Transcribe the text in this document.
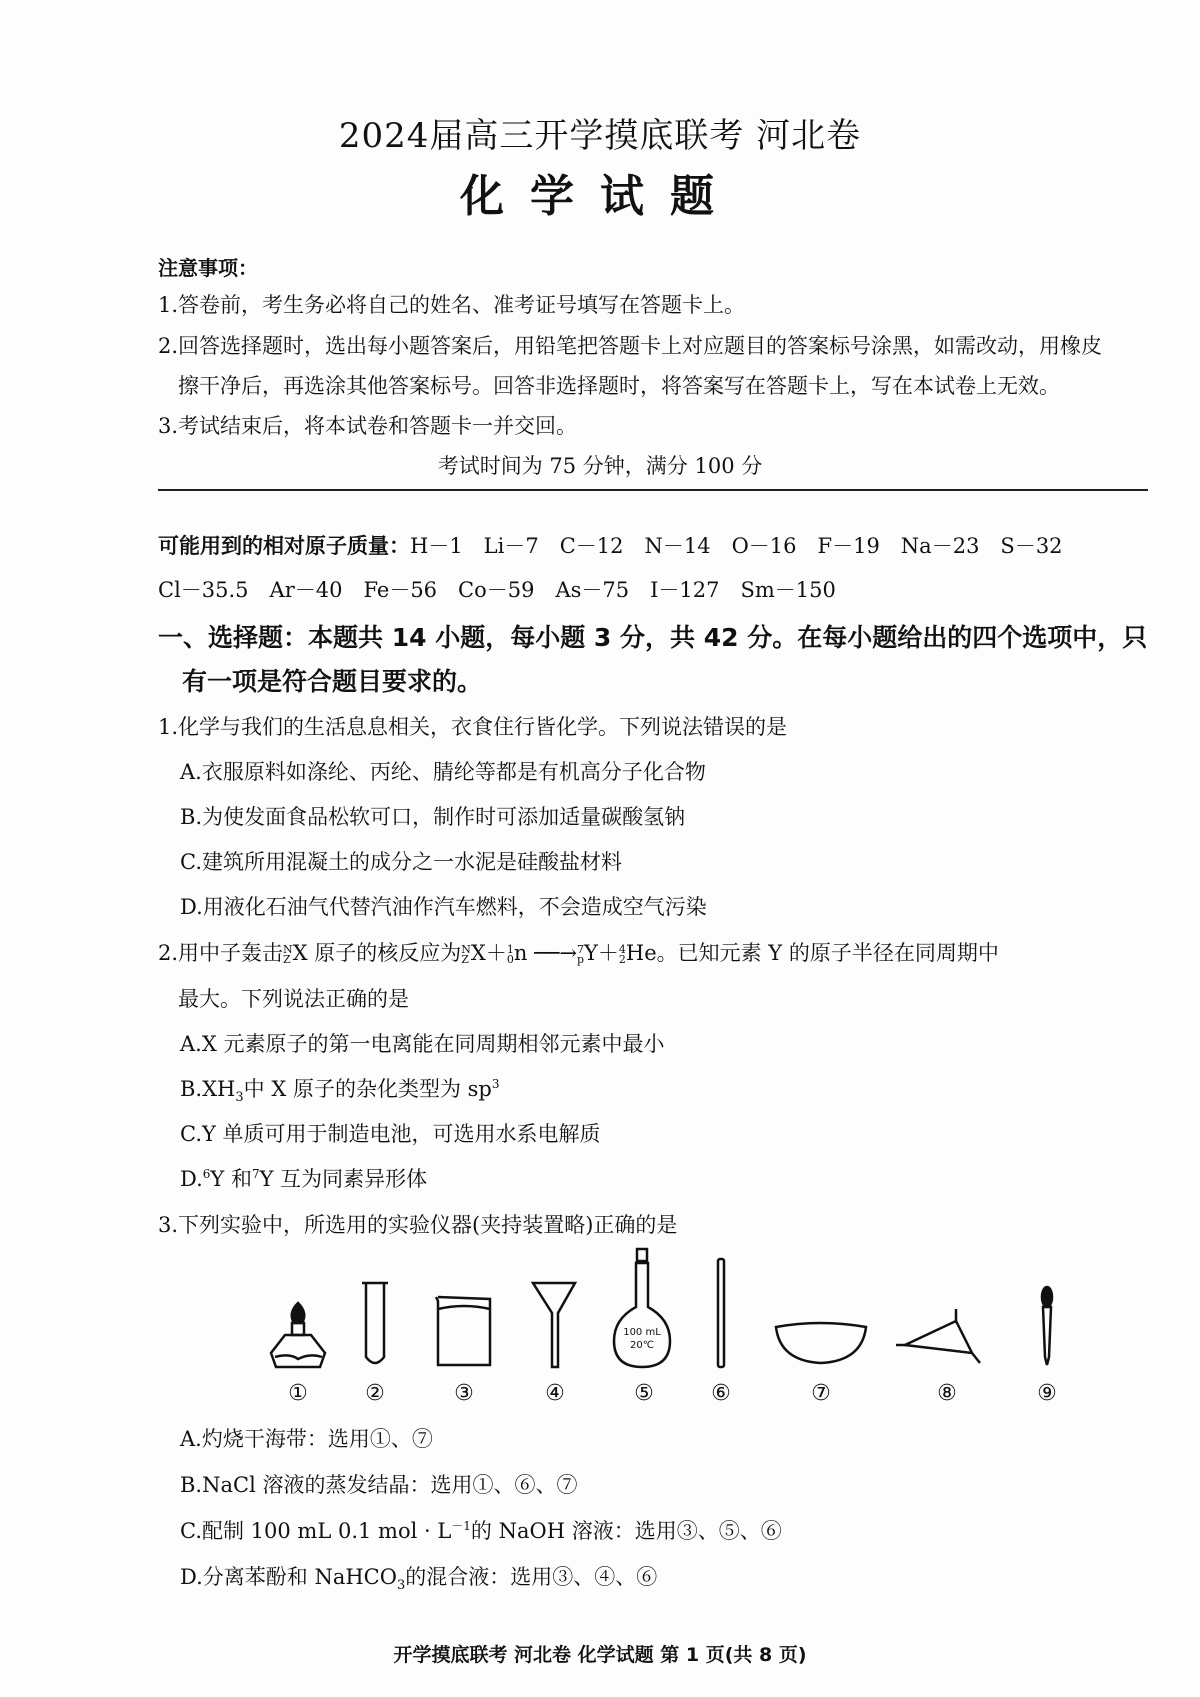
2024届高三开学摸底联考 河北卷
化学试题
注意事项：
1.答卷前，考生务必将自己的姓名、准考证号填写在答题卡上。
2.回答选择题时，选出每小题答案后，用铅笔把答题卡上对应题目的答案标号涂黑，如需改动，用橡皮
擦干净后，再选涂其他答案标号。回答非选择题时，将答案写在答题卡上，写在本试卷上无效。
3.考试结束后，将本试卷和答题卡一并交回。
考试时间为 75 分钟，满分 100 分
可能用到的相对原子质量：H－1　Li－7　C－12　N－14　O－16　F－19　Na－23　S－32
Cl－35.5　Ar－40　Fe－56　Co－59　As－75　I－127　Sm－150
一、选择题：本题共 14 小题，每小题 3 分，共 42 分。在每小题给出的四个选项中，只
有一项是符合题目要求的。
1.化学与我们的生活息息相关，衣食住行皆化学。下列说法错误的是
A.衣服原料如涤纶、丙纶、腈纶等都是有机高分子化合物
B.为使发面食品松软可口，制作时可添加适量碳酸氢钠
C.建筑所用混凝土的成分之一水泥是硅酸盐材料
D.用液化石油气代替汽油作汽车燃料，不会造成空气污染
2.用中子轰击 N
Z X 原子的核反应为 N
Z X＋ 1
0 n ──→ 7
p Y＋ 4
2 He。已知元素 Y 的原子半径在同周期中
最大。下列说法正确的是
A.X 元素原子的第一电离能在同周期相邻元素中最小
$B.XH_3$中 X 原子的杂化类型为 $sp^3$
C.Y 单质可用于制造电池，可选用水系电解质
D.$^6$Y 和$^7$Y 互为同素异形体
3.下列实验中，所选用的实验仪器(夹持装置略)正确的是
100 mL
20℃
①	②	③	④	⑤	⑥	⑦	⑧	⑨
A.灼烧干海带：选用①、⑦
B.NaCl 溶液的蒸发结晶：选用①、⑥、⑦
C.配制 100 mL 0.1 mol · $L^{-1}$的 NaOH 溶液：选用③、⑤、⑥
D.分离苯酚和 NaHCO$_3$的混合液：选用③、④、⑥
开学摸底联考 河北卷 化学试题 第 1 页(共 8 页)
